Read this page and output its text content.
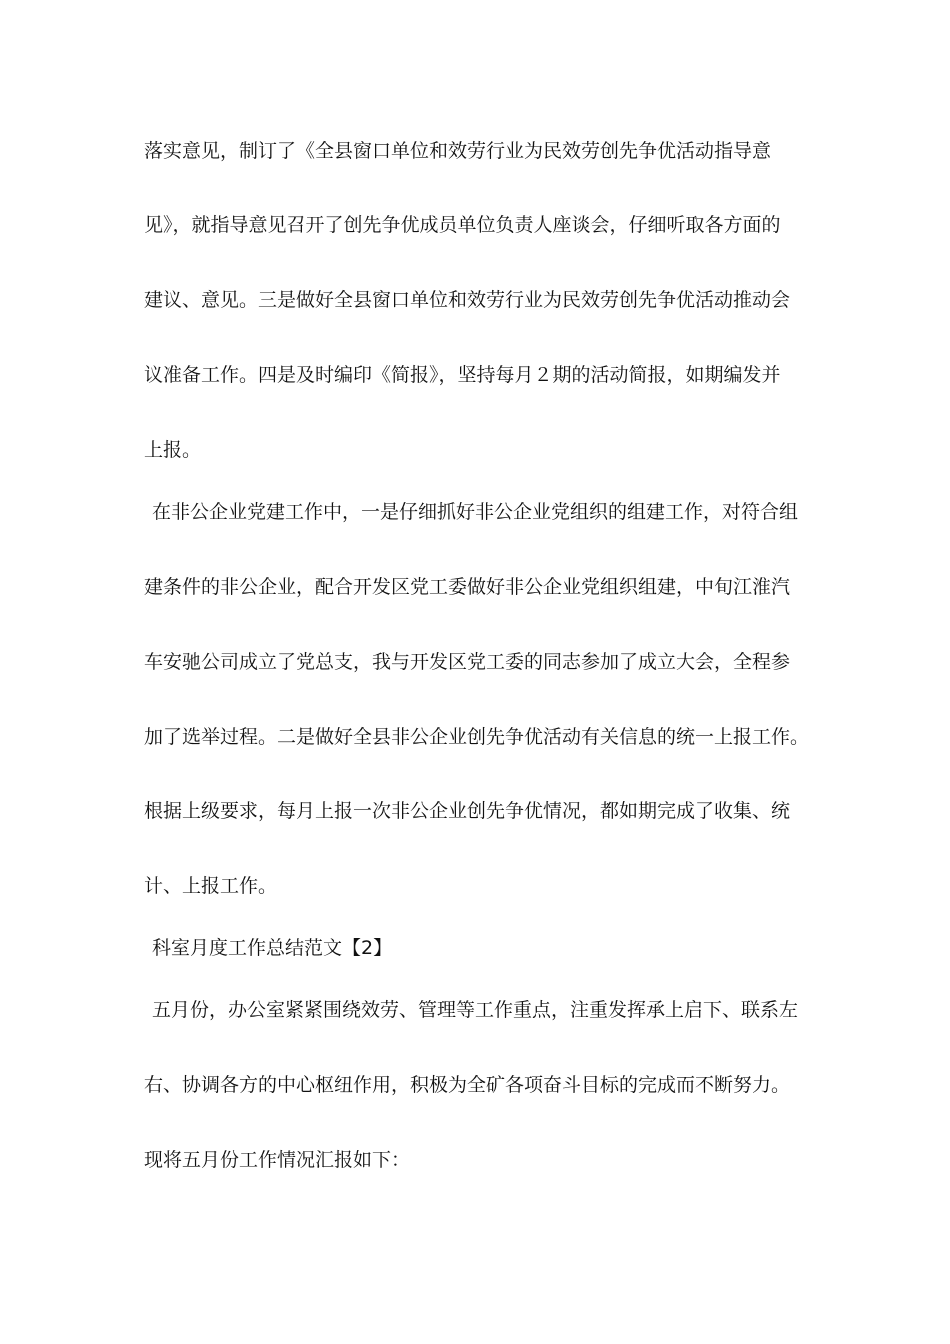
落实意见，制订了《全县窗口单位和效劳行业为民效劳创先争优活动指导意
见》，就指导意见召开了创先争优成员单位负责人座谈会，仔细听取各方面的
建议、意见。三是做好全县窗口单位和效劳行业为民效劳创先争优活动推动会
议准备工作。四是及时编印《简报》，坚持每月２期的活动简报，如期编发并
上报。
在非公企业党建工作中，一是仔细抓好非公企业党组织的组建工作，对符合组
建条件的非公企业，配合开发区党工委做好非公企业党组织组建，中旬江淮汽
车安驰公司成立了党总支，我与开发区党工委的同志参加了成立大会，全程参
加了选举过程。二是做好全县非公企业创先争优活动有关信息的统一上报工作。
根据上级要求，每月上报一次非公企业创先争优情况，都如期完成了收集、统
计、上报工作。
科室月度工作总结范文【2】
五月份，办公室紧紧围绕效劳、管理等工作重点，注重发挥承上启下、联系左
右、协调各方的中心枢纽作用，积极为全矿各项奋斗目标的完成而不断努力。
现将五月份工作情况汇报如下：
